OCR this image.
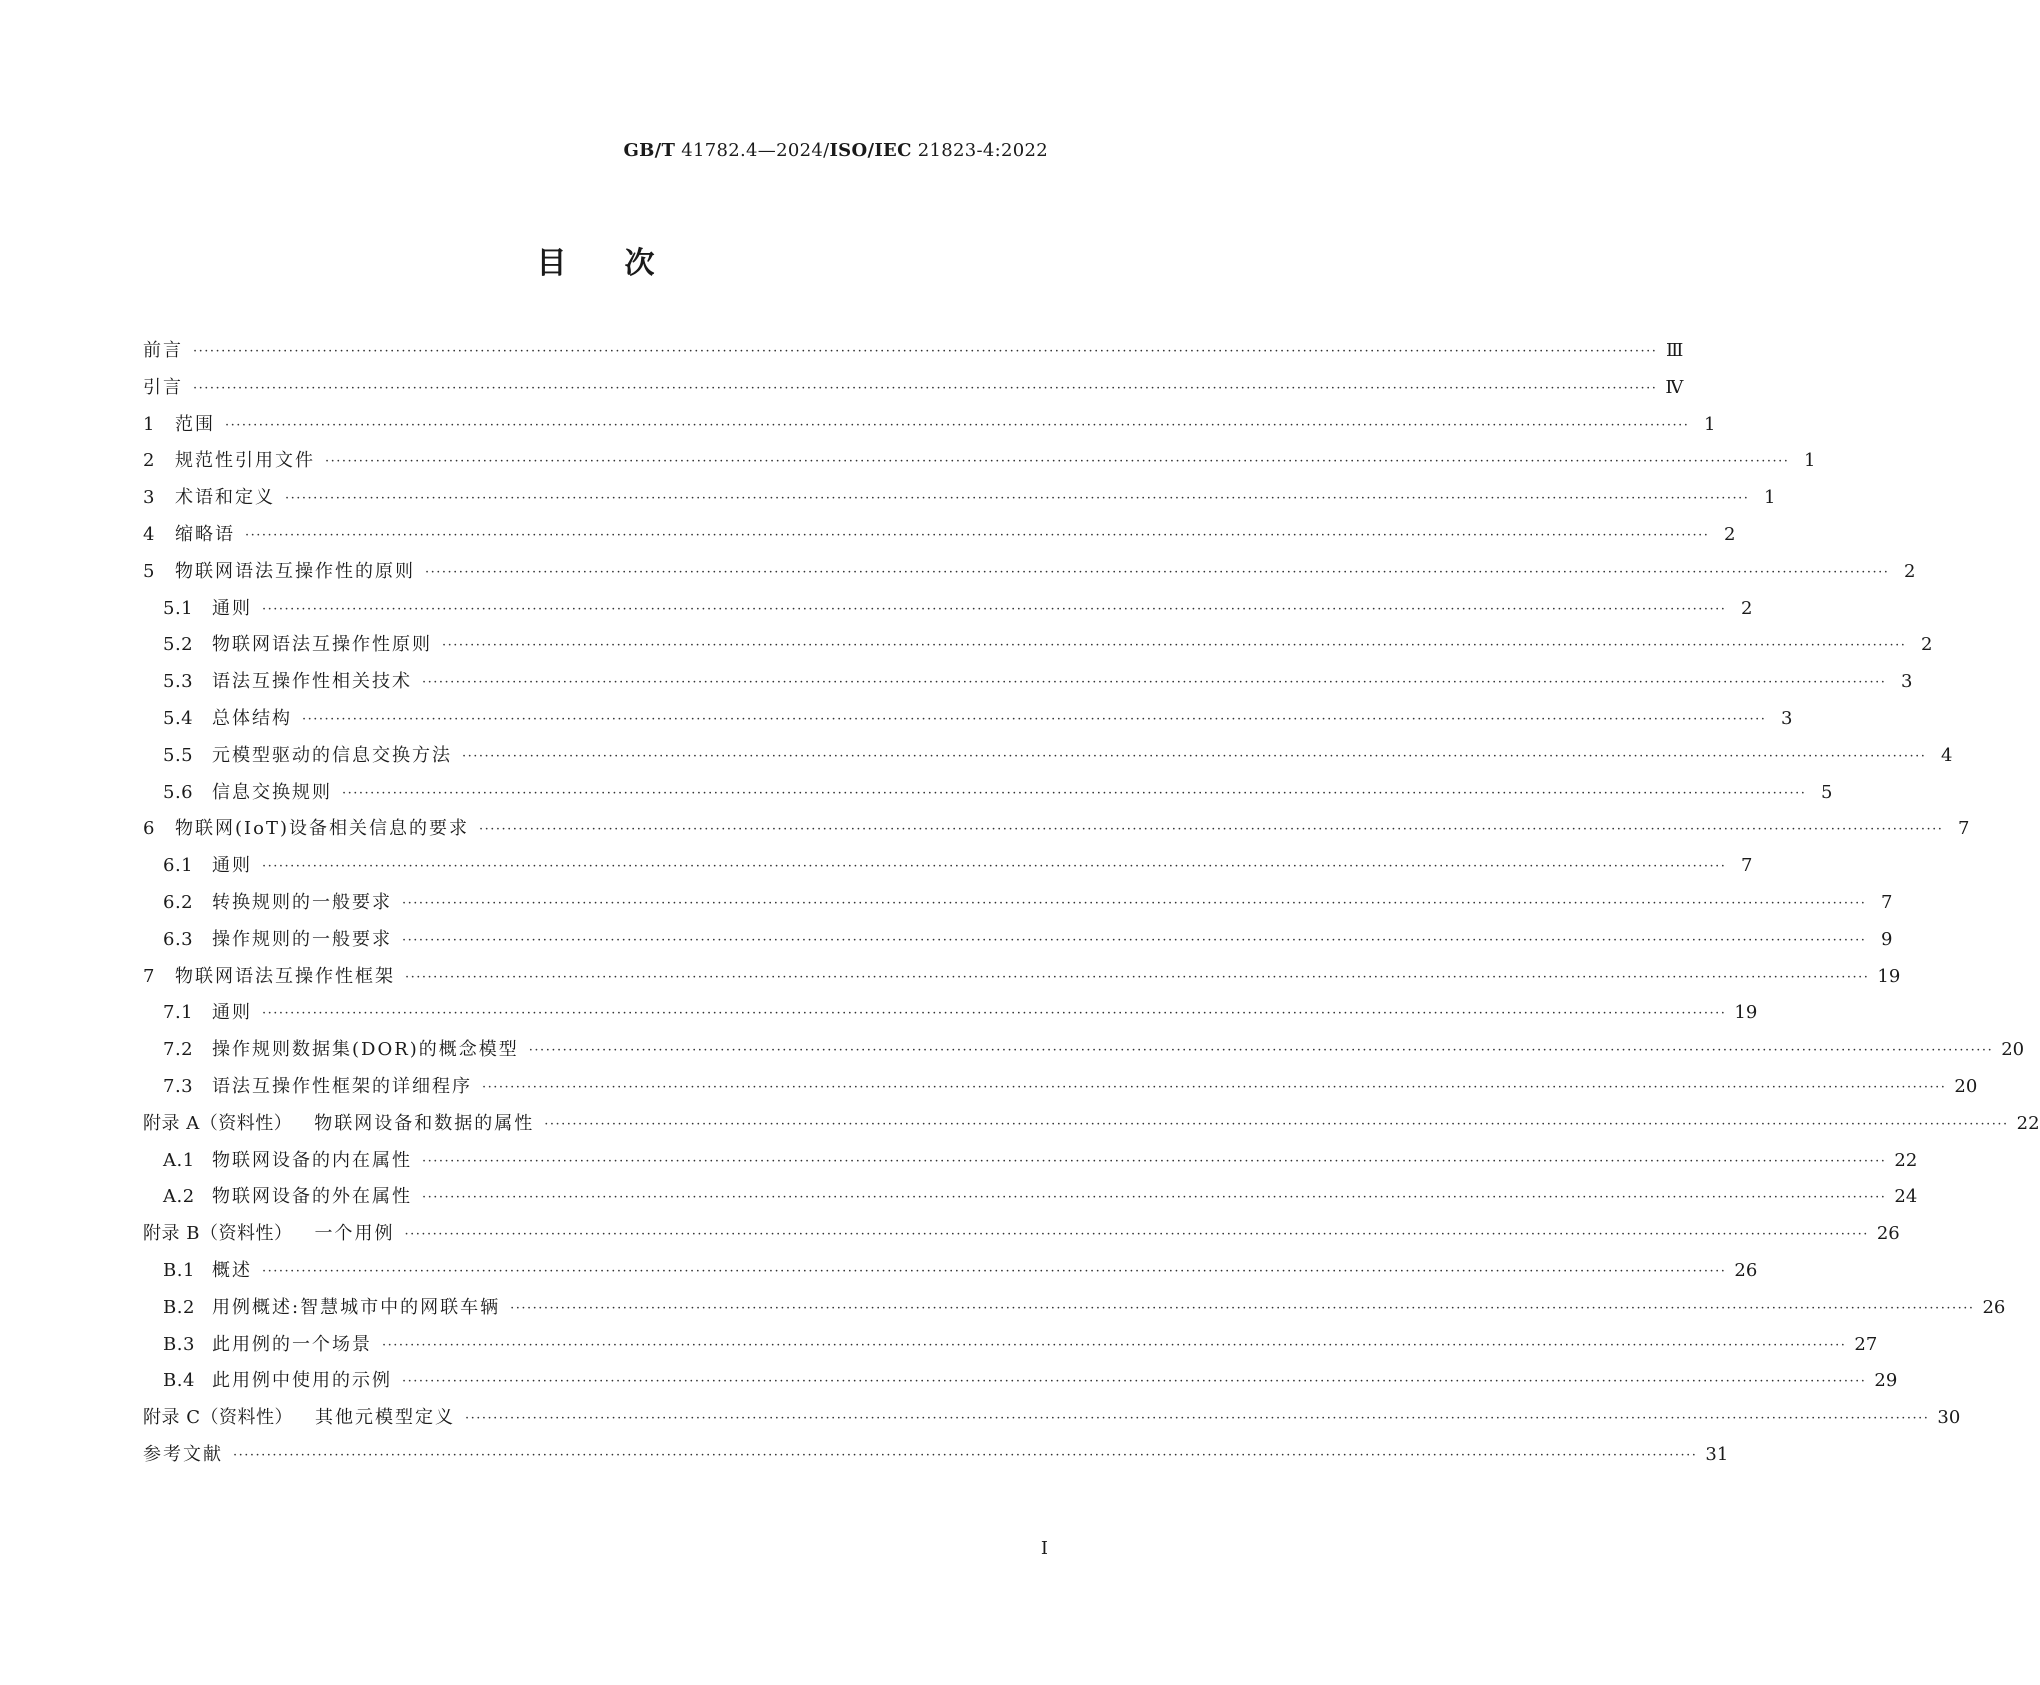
GB/T 41782.4—2024/ISO/IEC 21823-4:2022
目次
前言 ···································································································································································································································································· Ⅲ
引言 ···································································································································································································································································· Ⅳ
1	范围 ···································································································································································································································································· 1
2	规范性引用文件 ···································································································································································································································································· 1
3	术语和定义 ···································································································································································································································································· 1
4	缩略语 ···································································································································································································································································· 2
5	物联网语法互操作性的原则 ···································································································································································································································································· 2
5.1	通则 ···································································································································································································································································· 2
5.2	物联网语法互操作性原则 ···································································································································································································································································· 2
5.3	语法互操作性相关技术 ···································································································································································································································································· 3
5.4	总体结构 ···································································································································································································································································· 3
5.5	元模型驱动的信息交换方法 ···································································································································································································································································· 4
5.6	信息交换规则 ···································································································································································································································································· 5
6	物联网(IoT)设备相关信息的要求 ···································································································································································································································································· 7
6.1	通则 ···································································································································································································································································· 7
6.2	转换规则的一般要求 ···································································································································································································································································· 7
6.3	操作规则的一般要求 ···································································································································································································································································· 9
7	物联网语法互操作性框架 ···································································································································································································································································· 19
7.1	通则 ···································································································································································································································································· 19
7.2	操作规则数据集(DOR)的概念模型 ···································································································································································································································································· 20
7.3	语法互操作性框架的详细程序 ···································································································································································································································································· 20
附录 A（资料性） 物联网设备和数据的属性 ···································································································································································································································································· 22
A.1 物联网设备的内在属性 ···································································································································································································································································· 22
A.2 物联网设备的外在属性 ···································································································································································································································································· 24
附录 B（资料性） 一个用例 ···································································································································································································································································· 26
B.1 概述 ···································································································································································································································································· 26
B.2 用例概述:智慧城市中的网联车辆 ···································································································································································································································································· 26
B.3 此用例的一个场景 ···································································································································································································································································· 27
B.4 此用例中使用的示例 ···································································································································································································································································· 29
附录 C（资料性） 其他元模型定义 ···································································································································································································································································· 30
参考文献 ···································································································································································································································································· 31
Ⅰ
